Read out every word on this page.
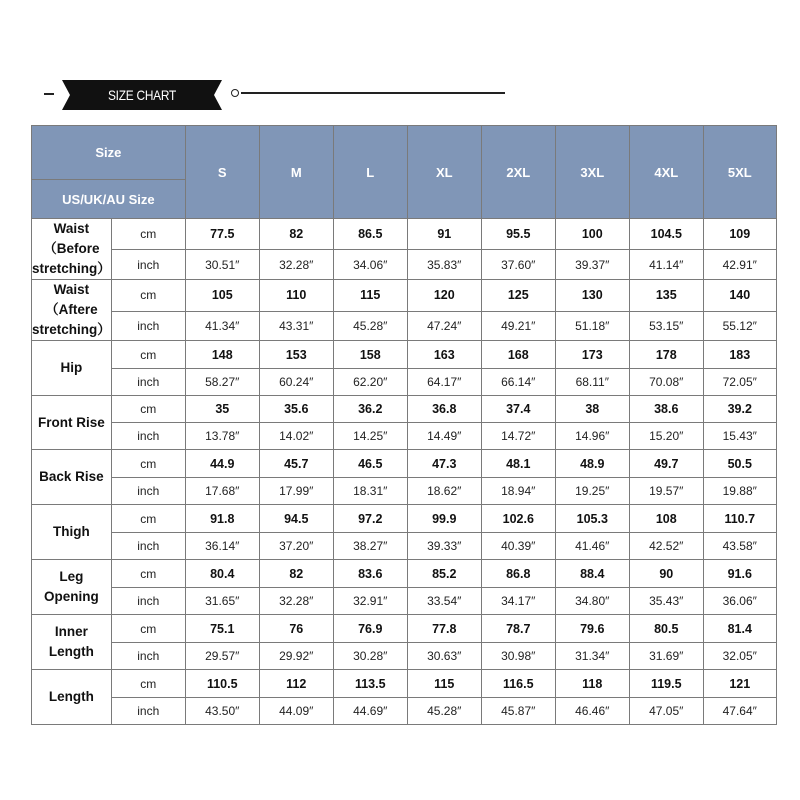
SIZE CHART
Size		S	M	L	XL	2XL	3XL	4XL	5XL
US/UK/AU Size									

Waist
（Before
stretching）	cm	77.5	82	86.5	91	95.5	100	104.5	109
	inch	30.51″	32.28″	34.06″	35.83″	37.60″	39.37″	41.14″	42.91″

Waist
（Aftere
stretching）	cm	105	110	115	120	125	130	135	140
	inch	41.34″	43.31″	45.28″	47.24″	49.21″	51.18″	53.15″	55.12″

Hip	cm	148	153	158	163	168	173	178	183
	inch	58.27″	60.24″	62.20″	64.17″	66.14″	68.11″	70.08″	72.05″

Front Rise	cm	35	35.6	36.2	36.8	37.4	38	38.6	39.2
	inch	13.78″	14.02″	14.25″	14.49″	14.72″	14.96″	15.20″	15.43″

Back Rise	cm	44.9	45.7	46.5	47.3	48.1	48.9	49.7	50.5
	inch	17.68″	17.99″	18.31″	18.62″	18.94″	19.25″	19.57″	19.88″

Thigh	cm	91.8	94.5	97.2	99.9	102.6	105.3	108	110.7
	inch	36.14″	37.20″	38.27″	39.33″	40.39″	41.46″	42.52″	43.58″

Leg
Opening	cm	80.4	82	83.6	85.2	86.8	88.4	90	91.6
	inch	31.65″	32.28″	32.91″	33.54″	34.17″	34.80″	35.43″	36.06″

Inner
Length	cm	75.1	76	76.9	77.8	78.7	79.6	80.5	81.4
	inch	29.57″	29.92″	30.28″	30.63″	30.98″	31.34″	31.69″	32.05″

Length	cm	110.5	112	113.5	115	116.5	118	119.5	121
	inch	43.50″	44.09″	44.69″	45.28″	45.87″	46.46″	47.05″	47.64″
